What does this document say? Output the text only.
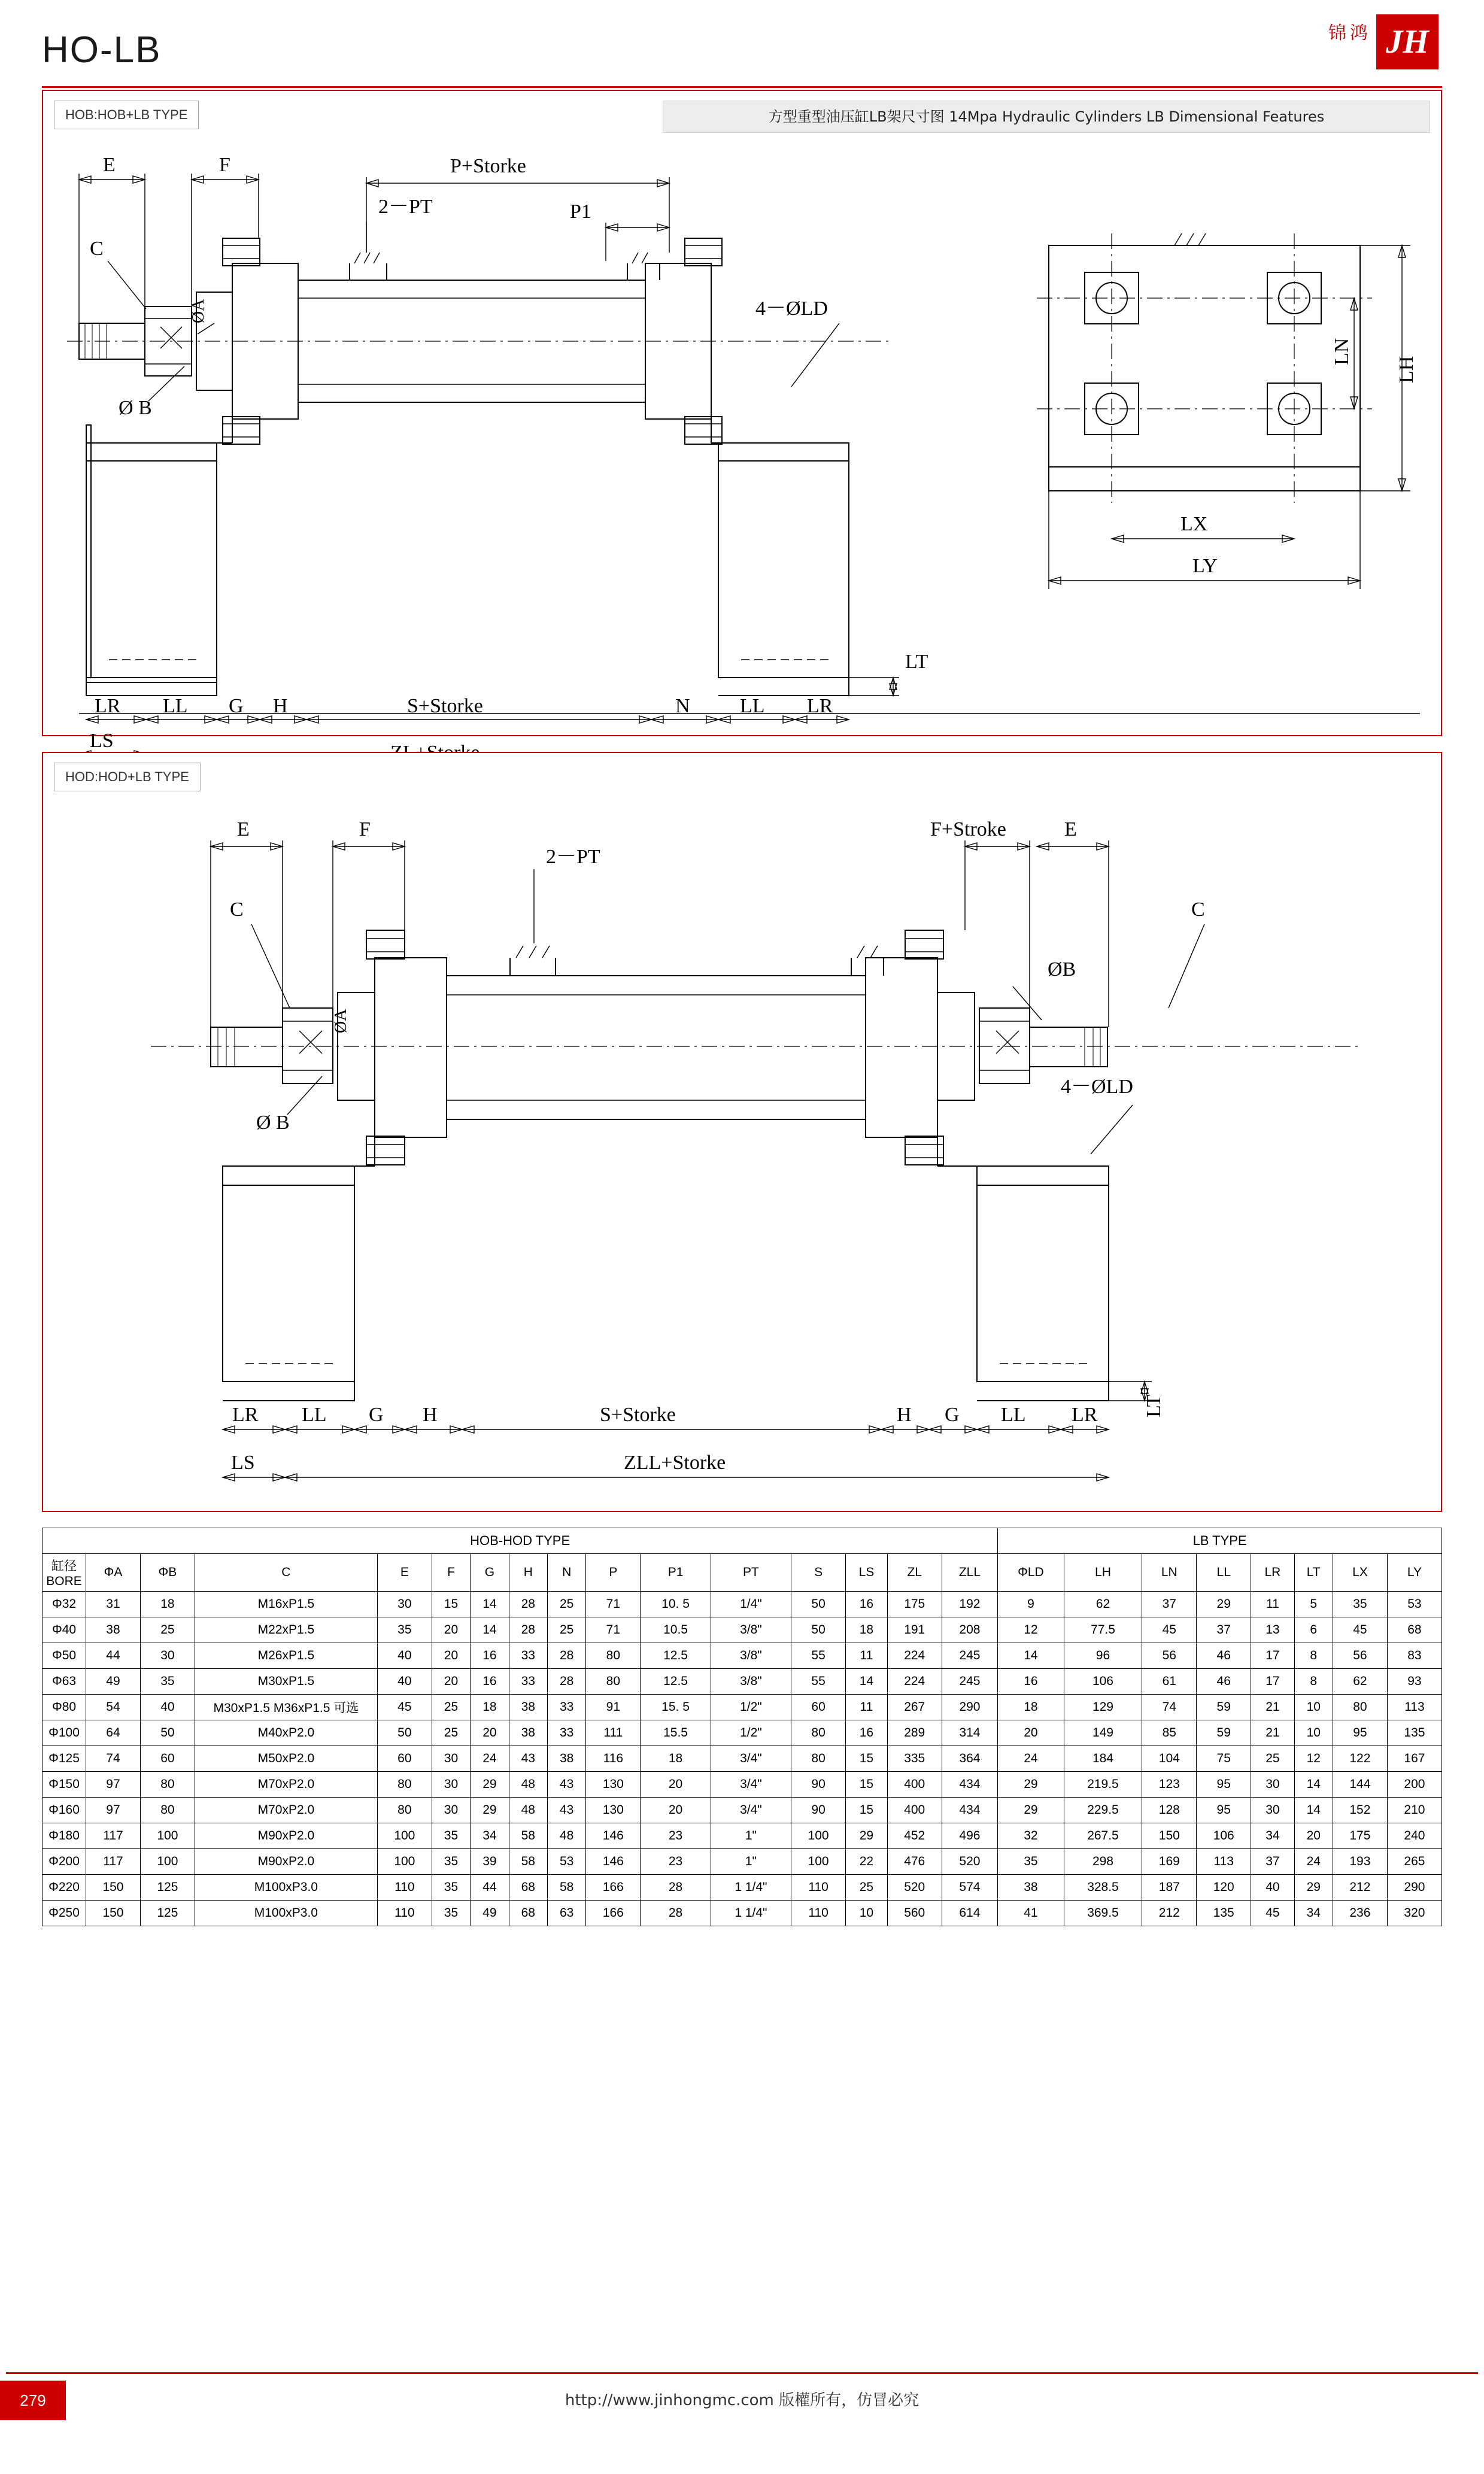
HO-LB	锦鸿 JH
HOB:HOB+LB TYPE	方型重型油压缸LB架尺寸图 14Mpa Hydraulic Cylinders LB Dimensional Features
C
ØA
Ø B
2－PT
4－ØLD
E	F	P+Storke
P1
LR LL G H	S+Storke	N LL LR
LS
LT
LH
LN
LX
LY
HOD:HOD+LB TYPE
C
2－PT
ØA
Ø B
ØB
C
4－ØLD
E	F	F+Stroke	E
LR LL G H	S+Storke	H G LL LR LT
LS	ZLL+Storke
HOB-HOD TYPE																LB TYPE							

缸径
BORE	ΦA	ΦB	C	E	F	G	H	N	P	P1	PT	S	LS	ZL	ZLL	ΦLD	LH	LN	LL	LR	LT	LX	LY
Φ32	31	18	M16xP1.5	30	15	14	28	25	71	10. 5	1/4"	50	16	175	192	9	62	37	29	11	5	35	53
Φ40	38	25	M22xP1.5	35	20	14	28	25	71	10.5	3/8"	50	18	191	208	12	77.5	45	37	13	6	45	68
Φ50	44	30	M26xP1.5	40	20	16	33	28	80	12.5	3/8"	55	11	224	245	14	96	56	46	17	8	56	83
Φ63	49	35	M30xP1.5	40	20	16	33	28	80	12.5	3/8"	55	14	224	245	16	106	61	46	17	8	62	93
Φ80	54	40	M30xP1.5 M36xP1.5 可选	45	25	18	38	33	91	15. 5	1/2"	60	11	267	290	18	129	74	59	21	10	80	113
Φ100	64	50	M40xP2.0	50	25	20	38	33	111	15.5	1/2"	80	16	289	314	20	149	85	59	21	10	95	135
Φ125	74	60	M50xP2.0	60	30	24	43	38	116	18	3/4"	80	15	335	364	24	184	104	75	25	12	122	167
Φ150	97	80	M70xP2.0	80	30	29	48	43	130	20	3/4"	90	15	400	434	29	219.5	123	95	30	14	144	200
Φ160	97	80	M70xP2.0	80	30	29	48	43	130	20	3/4"	90	15	400	434	29	229.5	128	95	30	14	152	210
Φ180	117	100	M90xP2.0	100	35	34	58	48	146	23	1"	100	29	452	496	32	267.5	150	106	34	20	175	240
Φ200	117	100	M90xP2.0	100	35	39	58	53	146	23	1"	100	22	476	520	35	298	169	113	37	24	193	265
Φ220	150	125	M100xP3.0	110	35	44	68	58	166	28	1 1/4"	110	25	520	574	38	328.5	187	120	40	29	212	290
Φ250	150	125	M100xP3.0	110	35	49	68	63	166	28	1 1/4"	110	10	560	614	41	369.5	212	135	45	34	236	320
http://www.jinhongmc.com 版權所有，仿冒必究
279
